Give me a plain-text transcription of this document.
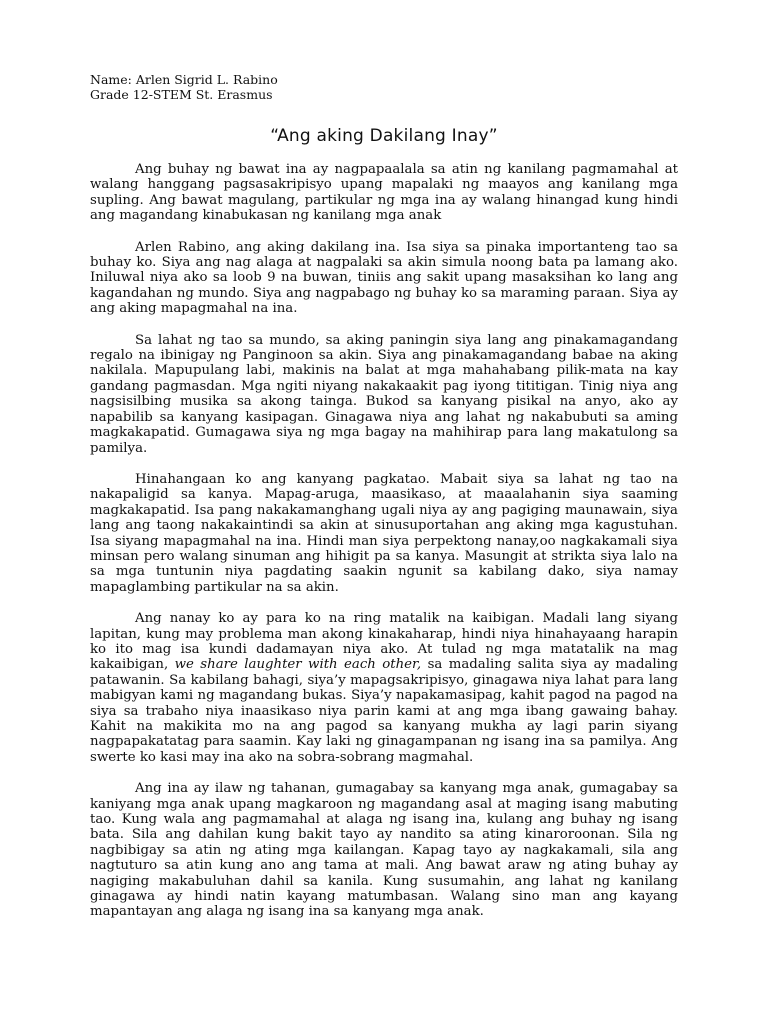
Name: Arlen Sigrid L. Rabino
Grade 12-STEM St. Erasmus
“Ang aking Dakilang Inay”

Ang buhay ng bawat ina ay nagpapaalala sa atin ng kanilang pagmamahal at walang hanggang pagsasakripisyo upang mapalaki ng maayos ang kanilang mga supling. Ang bawat magulang, partikular ng mga ina ay walang hinangad kung hindi ang magandang kinabukasan ng kanilang mga anak

Arlen Rabino, ang aking dakilang ina. Isa siya sa pinaka importanteng tao sa buhay ko. Siya ang nag alaga at nagpalaki sa akin simula noong bata pa lamang ako. Iniluwal niya ako sa loob 9 na buwan, tiniis ang sakit upang masaksihan ko lang ang kagandahan ng mundo. Siya ang nagpabago ng buhay ko sa maraming paraan. Siya ay ang aking mapagmahal na ina.

Sa lahat ng tao sa mundo, sa aking paningin siya lang ang pinakamagandang regalo na ibinigay ng Panginoon sa akin. Siya ang pinakamagandang babae na aking nakilala. Mapupulang labi, makinis na balat at mga mahahabang pilik-mata na kay gandang pagmasdan. Mga ngiti niyang nakakaakit pag iyong tititigan. Tinig niya ang nagsisilbing musika sa akong tainga. Bukod sa kanyang pisikal na anyo, ako ay napabilib sa kanyang kasipagan. Ginagawa niya ang lahat ng nakabubuti sa aming magkakapatid. Gumagawa siya ng mga bagay na mahihirap para lang makatulong sa pamilya.

Hinahangaan ko ang kanyang pagkatao. Mabait siya sa lahat ng tao na nakapaligid sa kanya. Mapag-aruga, maasikaso, at maaalahanin siya saaming magkakapatid. Isa pang nakakamanghang ugali niya ay ang pagiging maunawain, siya lang ang taong nakakaintindi sa akin at sinusuportahan ang aking mga kagustuhan. Isa siyang mapagmahal na ina. Hindi man siya perpektong nanay,oo nagkakamali siya minsan pero walang sinuman ang hihigit pa sa kanya. Masungit at strikta siya lalo na sa mga tuntunin niya pagdating saakin ngunit sa kabilang dako, siya namay mapaglambing partikular na sa akin.

Ang nanay ko ay para ko na ring matalik na kaibigan. Madali lang siyang lapitan, kung may problema man akong kinakaharap, hindi niya hinahayaang harapin ko ito mag isa kundi dadamayan niya ako. At tulad ng mga matatalik na mag kakaibigan, we share laughter with each other, sa madaling salita siya ay madaling patawanin. Sa kabilang bahagi, siya’y mapagsakripisyo, ginagawa niya lahat para lang mabigyan kami ng magandang bukas. Siya’y napakamasipag, kahit pagod na pagod na siya sa trabaho niya inaasikaso niya parin kami at ang mga ibang gawaing bahay. Kahit na makikita mo na ang pagod sa kanyang mukha ay lagi parin siyang nagpapakatatag para saamin. Kay laki ng ginagampanan ng isang ina sa pamilya. Ang swerte ko kasi may ina ako na sobra-sobrang magmahal.

Ang ina ay ilaw ng tahanan, gumagabay sa kanyang mga anak, gumagabay sa kaniyang mga anak upang magkaroon ng magandang asal at maging isang mabuting tao. Kung wala ang pagmamahal at alaga ng isang ina, kulang ang buhay ng isang bata. Sila ang dahilan kung bakit tayo ay nandito sa ating kinaroroonan. Sila ng nagbibigay sa atin ng ating mga kailangan. Kapag tayo ay nagkakamali, sila ang nagtuturo sa atin kung ano ang tama at mali. Ang bawat araw ng ating buhay ay nagiging makabuluhan dahil sa kanila. Kung susumahin, ang lahat ng kanilang ginagawa ay hindi natin kayang matumbasan. Walang sino man ang kayang mapantayan ang alaga ng isang ina sa kanyang mga anak.
